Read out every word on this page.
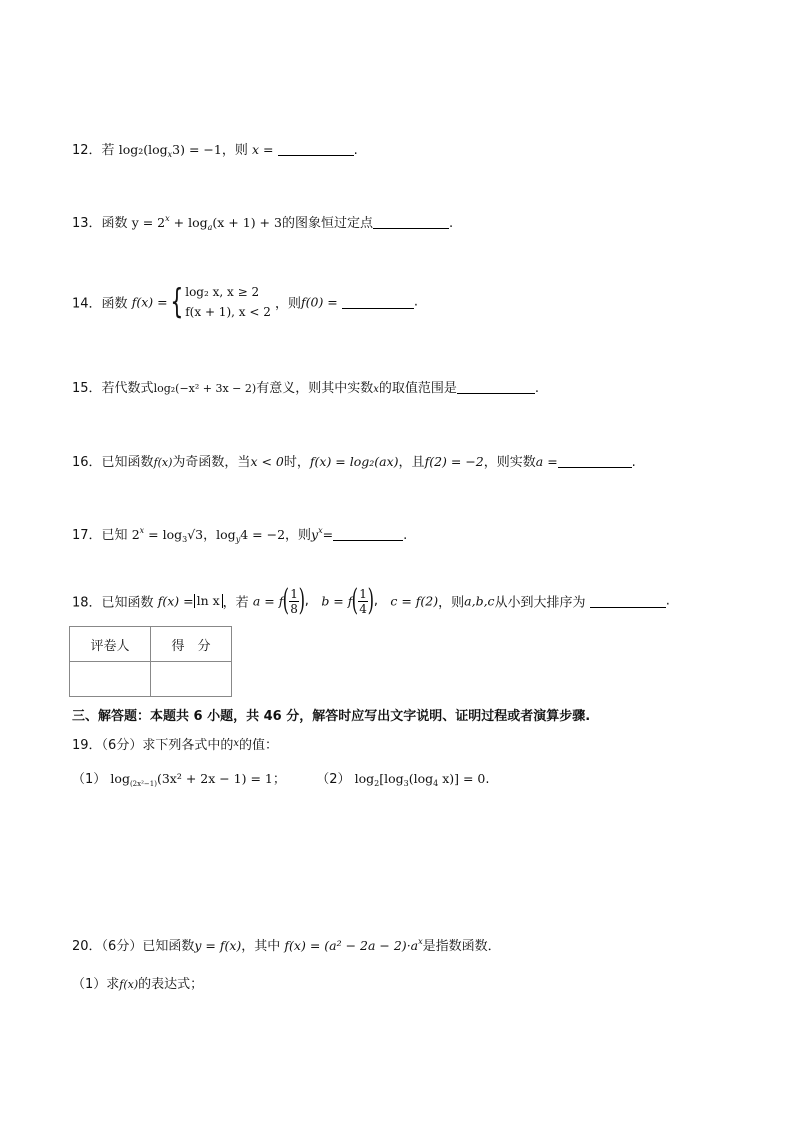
12．若 $\log_2(\log_x3) = -1$，则 x =	.
13．函数 $y = 2^x + \log_a(x + 1) + 3$的图象恒过定点	.
14．函数 f(x) ={ log₂ x, x ≥ 2
f(x + 1), x < 2 ，则f(0) =	.
15．若代数式log₂(−x² + 3x − 2)有意义，则其中实数x的取值范围是	.
16．已知函数f(x)为奇函数，当x < 0时，f(x) = log₂(ax)，且f(2) = −2，则实数a =	.
17．已知 $2^x = \log_3√3$，$\log_y4 = -2$，则$y^x=$	.
18．已知函数 f(x) = ln x ，若 $a = f( \frac{1}{8}$ ),   $b = f( \frac{1}{4}$ ),   c = f(2)，则a,b,c从小到大排序为	.
评卷人	得　分

三、解答题：本题共 6 小题，共 46 分，解答时应写出文字说明、证明过程或者演算步骤.
19．（6分）求下列各式中的$^x$的值：
（1） $\log_{(2x^2-1)}(3x^2 + 2x - 1) = 1$； （2） $\log_2[\log_3(\log_4$ x)] = 0.
20．（6分）已知函数y = f(x)，其中 $f(x) = (a^2 - 2a - 2)\cdot a^x$是指数函数．
（1）求f(x)的表达式；
